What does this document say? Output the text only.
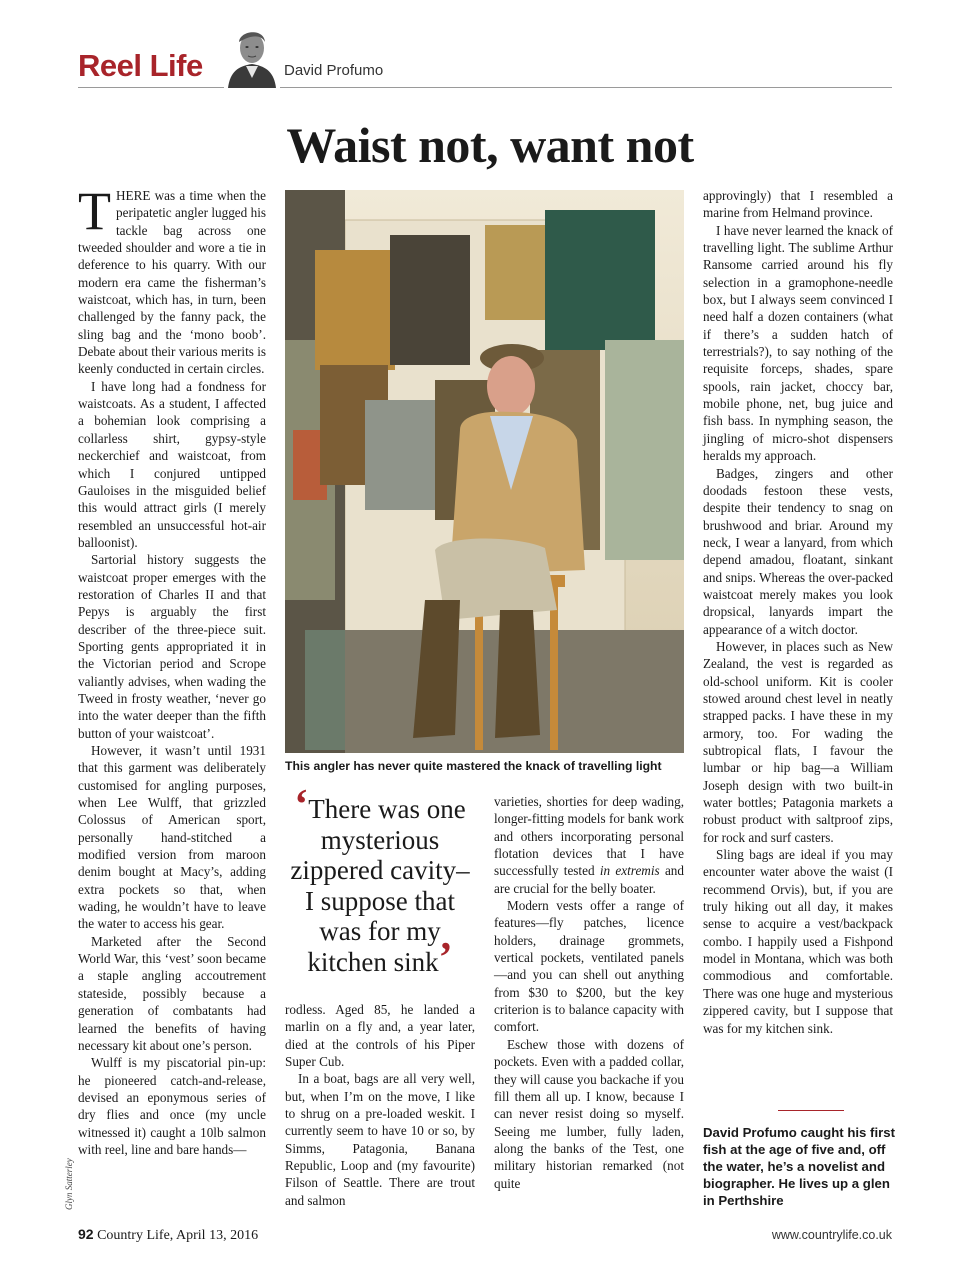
Reel Life	David Profumo
Waist not, want not

THERE was a time when the peripatetic angler lugged his tackle bag across one tweeded shoulder and wore a tie in deference to his quarry. With our modern era came the fisherman’s waistcoat, which has, in turn, been challenged by the fanny pack, the sling bag and the ‘mono boob’. Debate about their various merits is keenly conducted in certain circles.

I have long had a fondness for waistcoats. As a student, I affected a bohemian look comprising a collarless shirt, gypsy-style neckerchief and waistcoat, from which I conjured untipped Gauloises in the misguided belief this would attract girls (I merely resembled an unsuccessful hot-air balloonist).

Sartorial history suggests the waistcoat proper emerges with the restoration of Charles II and that Pepys is arguably the first describer of the three-piece suit. Sporting gents appropriated it in the Victorian period and Scrope valiantly advises, when wading the Tweed in frosty weather, ‘never go into the water deeper than the fifth button of your waistcoat’.

However, it wasn’t until 1931 that this garment was deliberately customised for angling purposes, when Lee Wulff, that grizzled Colossus of American sport, personally hand-stitched a modified version from maroon denim bought at Macy’s, adding extra pockets so that, when wading, he wouldn’t have to leave the water to access his gear.

Marketed after the Second World War, this ‘vest’ soon became a staple angling accoutrement stateside, possibly because a generation of combatants had learned the benefits of having necessary kit about one’s person.

Wulff is my piscatorial pin-up: he pioneered catch-and-release, devised an eponymous series of dry flies and once (my uncle witnessed it) caught a 10lb salmon with reel, line and bare hands—

This angler has never quite mastered the knack of travelling light
‘There was one mysterious zippered cavity– I suppose that was for my kitchen sink’

rodless. Aged 85, he landed a marlin on a fly and, a year later, died at the controls of his Piper Super Cub.

In a boat, bags are all very well, but, when I’m on the move, I like to shrug on a pre-loaded weskit. I currently seem to have 10 or so, by Simms, Patagonia, Banana Republic, Loop and (my favourite) Filson of Seattle. There are trout and salmon

varieties, shorties for deep wading, longer-fitting models for bank work and others incorporating personal flotation devices that I have successfully tested in extremis and are crucial for the belly boater.

Modern vests offer a range of features—fly patches, licence holders, drainage grommets, vertical pockets, ventilated panels—and you can shell out anything from $30 to $200, but the key criterion is to balance capacity with comfort.

Eschew those with dozens of pockets. Even with a padded collar, they will cause you backache if you fill them all up. I know, because I can never resist doing so myself. Seeing me lumber, fully laden, along the banks of the Test, one military historian remarked (not quite

approvingly) that I resembled a marine from Helmand province.

I have never learned the knack of travelling light. The sublime Arthur Ransome carried around his fly selection in a gramophone-needle box, but I always seem convinced I need half a dozen containers (what if there’s a sudden hatch of terrestrials?), to say nothing of the requisite forceps, shades, spare spools, rain jacket, choccy bar, mobile phone, net, bug juice and fish bass. In nymphing season, the jingling of micro-shot dispensers heralds my approach.

Badges, zingers and other doodads festoon these vests, despite their tendency to snag on brushwood and briar. Around my neck, I wear a lanyard, from which depend amadou, floatant, sinkant and snips. Whereas the over-packed waistcoat merely makes you look dropsical, lanyards impart the appearance of a witch doctor.

However, in places such as New Zealand, the vest is regarded as old-school uniform. Kit is cooler stowed around chest level in neatly strapped packs. I have these in my armory, too. For wading the subtropical flats, I favour the lumbar or hip bag—a William Joseph design with two built-in water bottles; Patagonia markets a robust product with saltproof zips, for rock and surf casters.

Sling bags are ideal if you may encounter water above the waist (I recommend Orvis), but, if you are truly hiking out all day, it makes sense to acquire a vest/backpack combo. I happily used a Fishpond model in Montana, which was both commodious and comfortable. There was one huge and mysterious zippered cavity, but I suppose that was for my kitchen sink.

David Profumo caught his first fish at the age of five and, off the water, he’s a novelist and biographer. He lives up a glen in Perthshire
Glyn Satterley
92 Country Life, April 13, 2016	www.countrylife.co.uk
